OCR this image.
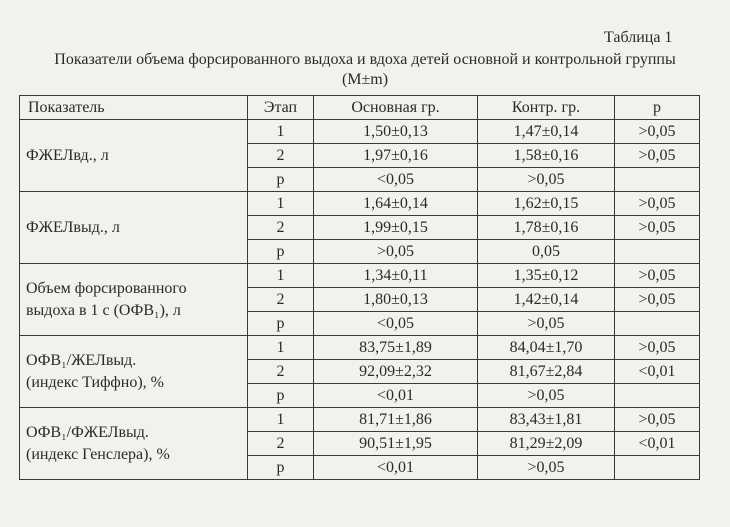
Таблица 1
Показатели объема форсированного выдоха и вдоха детей основной и контрольной группы (M±m)
Показатель	Этап	Основная гр.	Контр. гр.	p
ФЖЕЛвд., л	1	1,50±0,13	1,47±0,14	>0,05
	2	1,97±0,16	1,58±0,16	>0,05
	p	<0,05	>0,05	
ФЖЕЛвыд., л	1	1,64±0,14	1,62±0,15	>0,05
	2	1,99±0,15	1,78±0,16	>0,05
	p	>0,05	0,05	
Объем форсированного
выдоха в 1 с (ОФВ₁), л	1	1,34±0,11	1,35±0,12	>0,05
	2	1,80±0,13	1,42±0,14	>0,05
	p	<0,05	>0,05	
ОФВ₁/ЖЕЛвыд.
(индекс Тиффно), %	1	83,75±1,89	84,04±1,70	>0,05
	2	92,09±2,32	81,67±2,84	<0,01
	p	<0,01	>0,05	
ОФВ₁/ФЖЕЛвыд.
(индекс Генслера), %	1	81,71±1,86	83,43±1,81	>0,05
	2	90,51±1,95	81,29±2,09	<0,01
	p	<0,01	>0,05	
